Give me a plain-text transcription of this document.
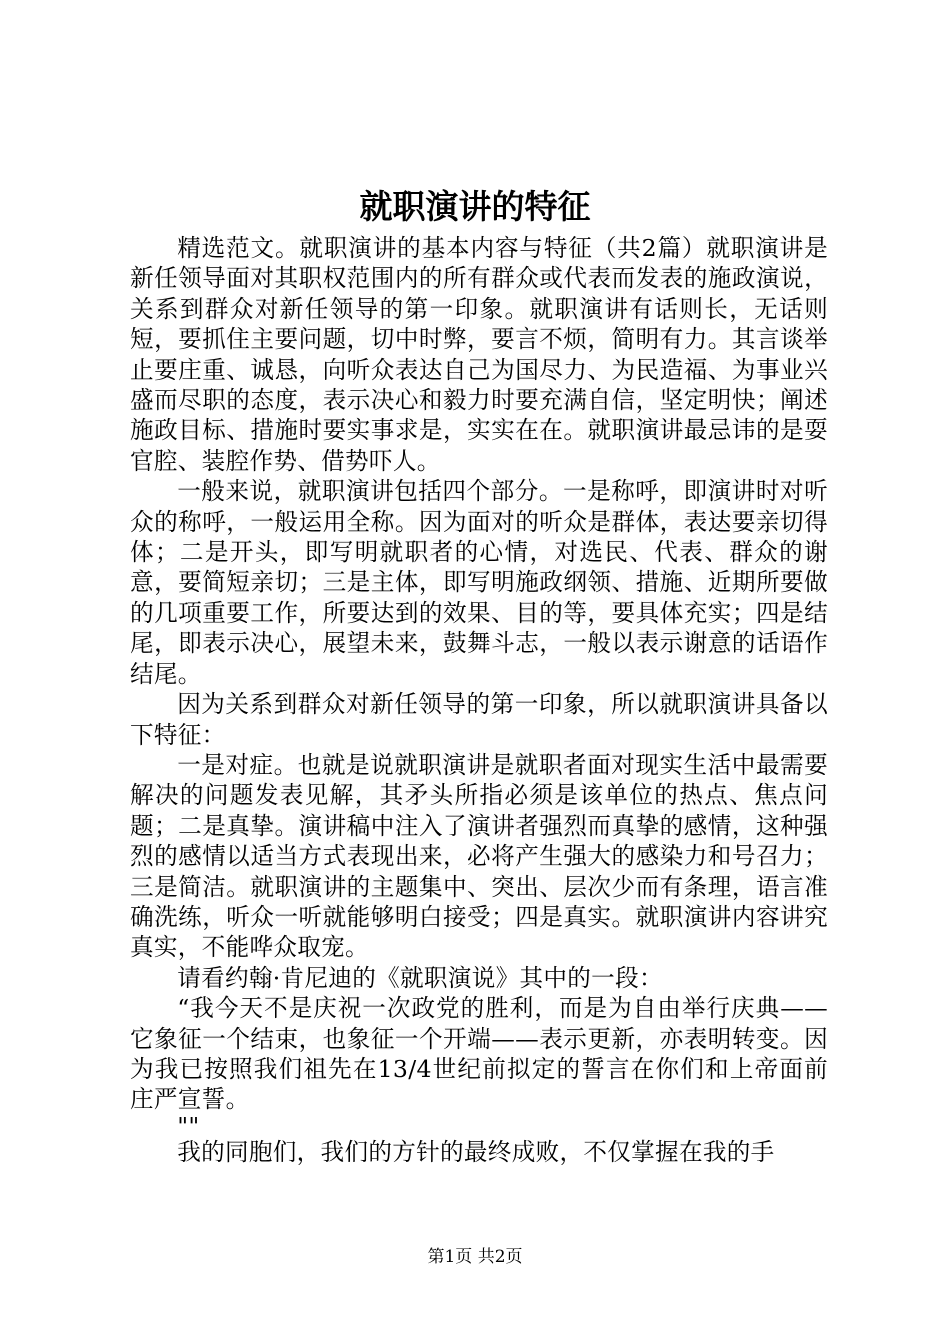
就职演讲的特征

精选范文。就职演讲的基本内容与特征（共2篇）就职演讲是新任领导面对其职权范围内的所有群众或代表而发表的施政演说，关系到群众对新任领导的第一印象。就职演讲有话则长，无话则短，要抓住主要问题，切中时弊，要言不烦，简明有力。其言谈举止要庄重、诚恳，向听众表达自己为国尽力、为民造福、为事业兴盛而尽职的态度，表示决心和毅力时要充满自信，坚定明快；阐述施政目标、措施时要实事求是，实实在在。就职演讲最忌讳的是耍官腔、装腔作势、借势吓人。

一般来说，就职演讲包括四个部分。一是称呼，即演讲时对听众的称呼，一般运用全称。因为面对的听众是群体，表达要亲切得体；二是开头，即写明就职者的心情，对选民、代表、群众的谢意，要简短亲切；三是主体，即写明施政纲领、措施、近期所要做的几项重要工作，所要达到的效果、目的等，要具体充实；四是结尾，即表示决心，展望未来，鼓舞斗志，一般以表示谢意的话语作结尾。

因为关系到群众对新任领导的第一印象，所以就职演讲具备以下特征：

一是对症。也就是说就职演讲是就职者面对现实生活中最需要解决的问题发表见解，其矛头所指必须是该单位的热点、焦点问题；二是真挚。演讲稿中注入了演讲者强烈而真挚的感情，这种强烈的感情以适当方式表现出来，必将产生强大的感染力和号召力；三是简洁。就职演讲的主题集中、突出、层次少而有条理，语言准确洗练，听众一听就能够明白接受；四是真实。就职演讲内容讲究真实，不能哗众取宠。

请看约翰·肯尼迪的《就职演说》其中的一段：

“我今天不是庆祝一次政党的胜利，而是为自由举行庆典——它象征一个结束，也象征一个开端——表示更新，亦表明转变。因为我已按照我们祖先在13/4世纪前拟定的誓言在你们和上帝面前庄严宣誓。

""

我的同胞们，我们的方针的最终成败，不仅掌握在我的手

第1页 共2页
